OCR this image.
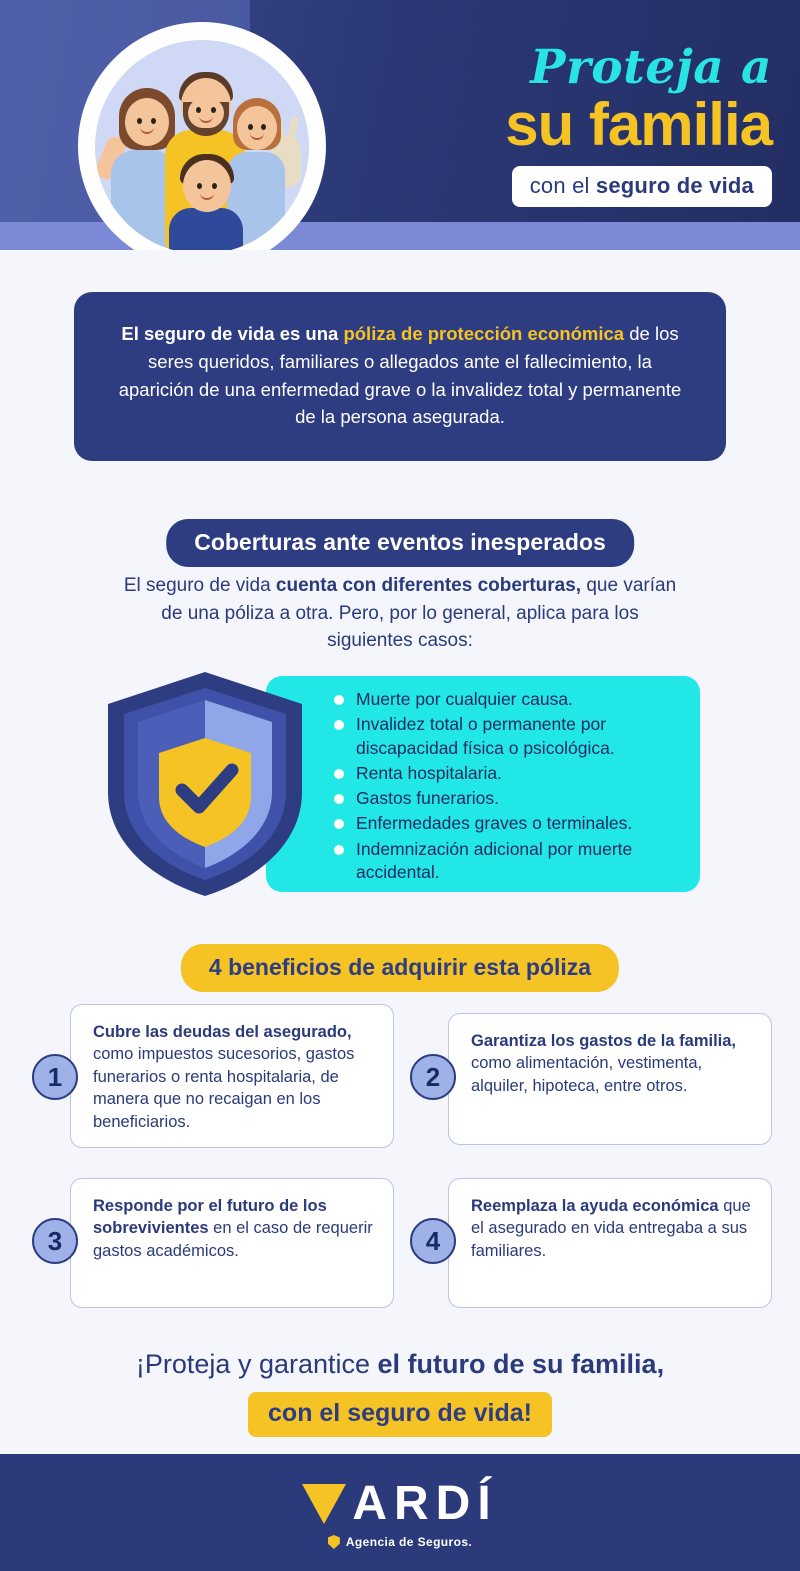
Proteja a
su familia
con el seguro de vida
El seguro de vida es una póliza de protección económica de los seres queridos, familiares o allegados ante el fallecimiento, la aparición de una enfermedad grave o la invalidez total y permanente de la persona asegurada.
Coberturas ante eventos inesperados
El seguro de vida cuenta con diferentes coberturas, que varían de una póliza a otra. Pero, por lo general, aplica para los siguientes casos:
Muerte por cualquier causa.
Invalidez total o permanente por discapacidad física o psicológica.
Renta hospitalaria.
Gastos funerarios.
Enfermedades graves o terminales.
Indemnización adicional por muerte accidental.
4 beneficios de adquirir esta póliza
1
Cubre las deudas del asegurado, como impuestos sucesorios, gastos funerarios o renta hospitalaria, de manera que no recaigan en los beneficiarios.
2
Garantiza los gastos de la familia, como alimentación, vestimenta, alquiler, hipoteca, entre otros.
3
Responde por el futuro de los sobrevivientes en el caso de requerir gastos académicos.	4
Reemplaza la ayuda económica que el asegurado en vida entregaba a sus familiares.
¡Proteja y garantice el futuro de su familia,
con el seguro de vida!
ARDÍ
Agencia de Seguros.
